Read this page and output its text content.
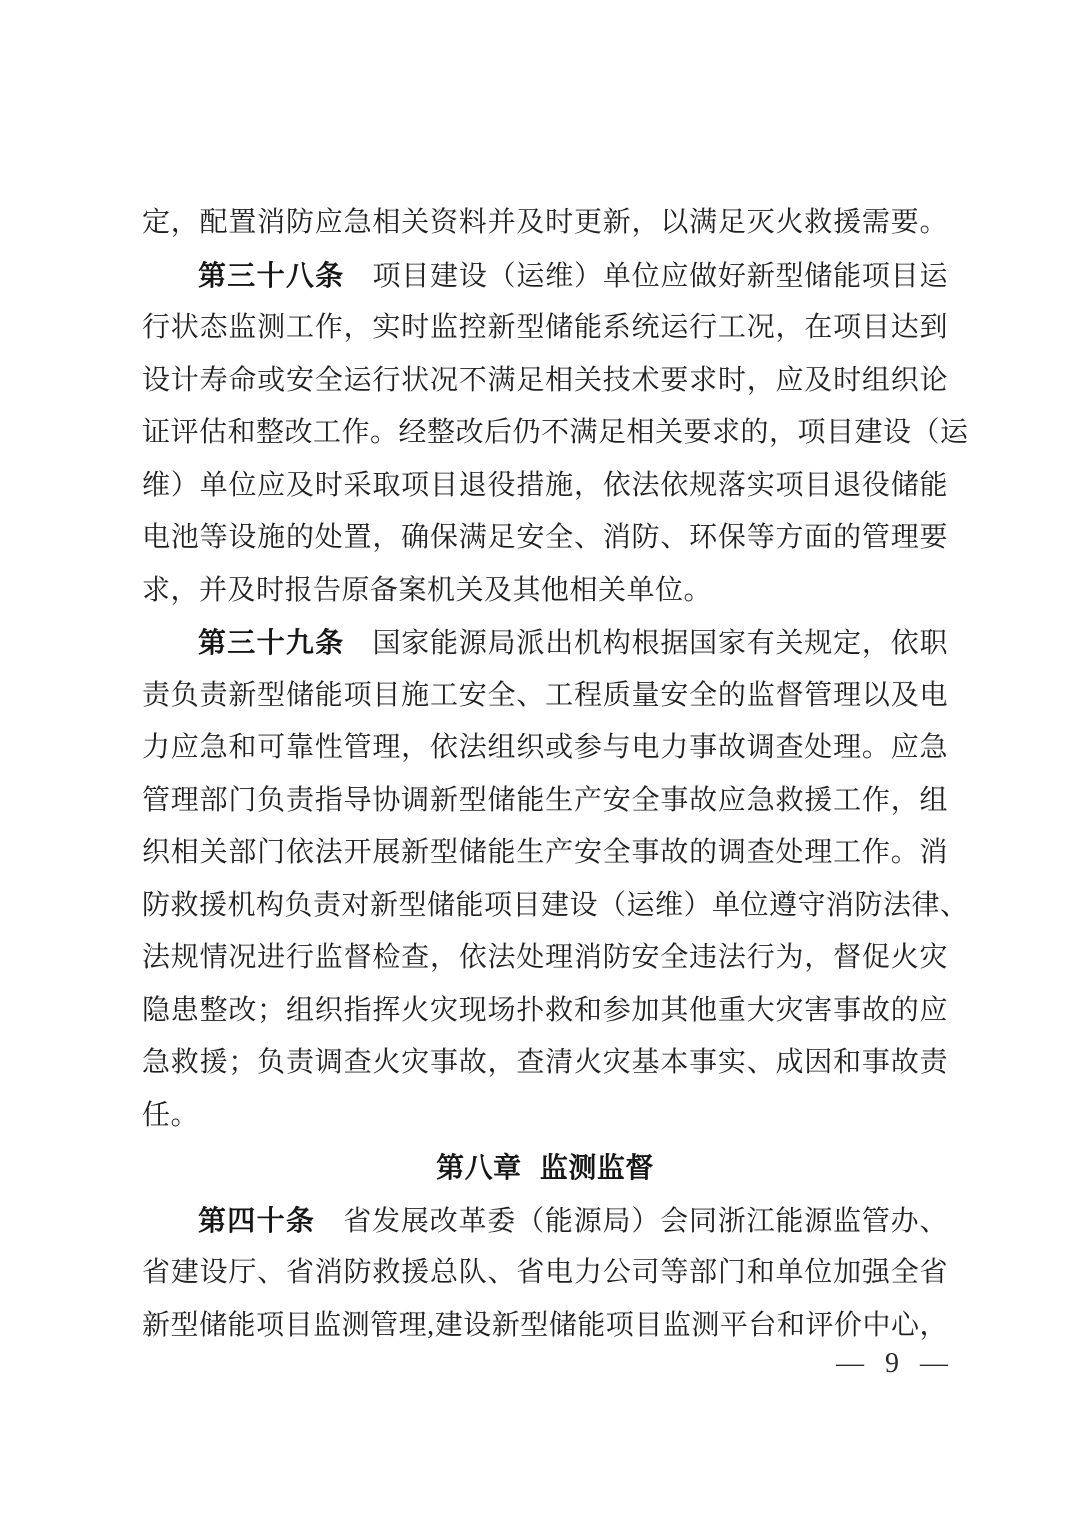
定，配置消防应急相关资料并及时更新，以满足灭火救援需要。
第三十八条 项目建设（运维）单位应做好新型储能项目运
行状态监测工作，实时监控新型储能系统运行工况，在项目达到
设计寿命或安全运行状况不满足相关技术要求时，应及时组织论
证评估和整改工作。经整改后仍不满足相关要求的，项目建设（运
维）单位应及时采取项目退役措施，依法依规落实项目退役储能
电池等设施的处置，确保满足安全、消防、环保等方面的管理要
求，并及时报告原备案机关及其他相关单位。
第三十九条 国家能源局派出机构根据国家有关规定，依职
责负责新型储能项目施工安全、工程质量安全的监督管理以及电
力应急和可靠性管理，依法组织或参与电力事故调查处理。应急
管理部门负责指导协调新型储能生产安全事故应急救援工作，组
织相关部门依法开展新型储能生产安全事故的调查处理工作。消
防救援机构负责对新型储能项目建设（运维）单位遵守消防法律、
法规情况进行监督检查，依法处理消防安全违法行为，督促火灾
隐患整改；组织指挥火灾现场扑救和参加其他重大灾害事故的应
急救援；负责调查火灾事故，查清火灾基本事实、成因和事故责
任。
第八章 监测监督
第四十条 省发展改革委（能源局）会同浙江能源监管办、
省建设厅、省消防救援总队、省电力公司等部门和单位加强全省
新型储能项目监测管理,建设新型储能项目监测平台和评价中心，
— 9 —
